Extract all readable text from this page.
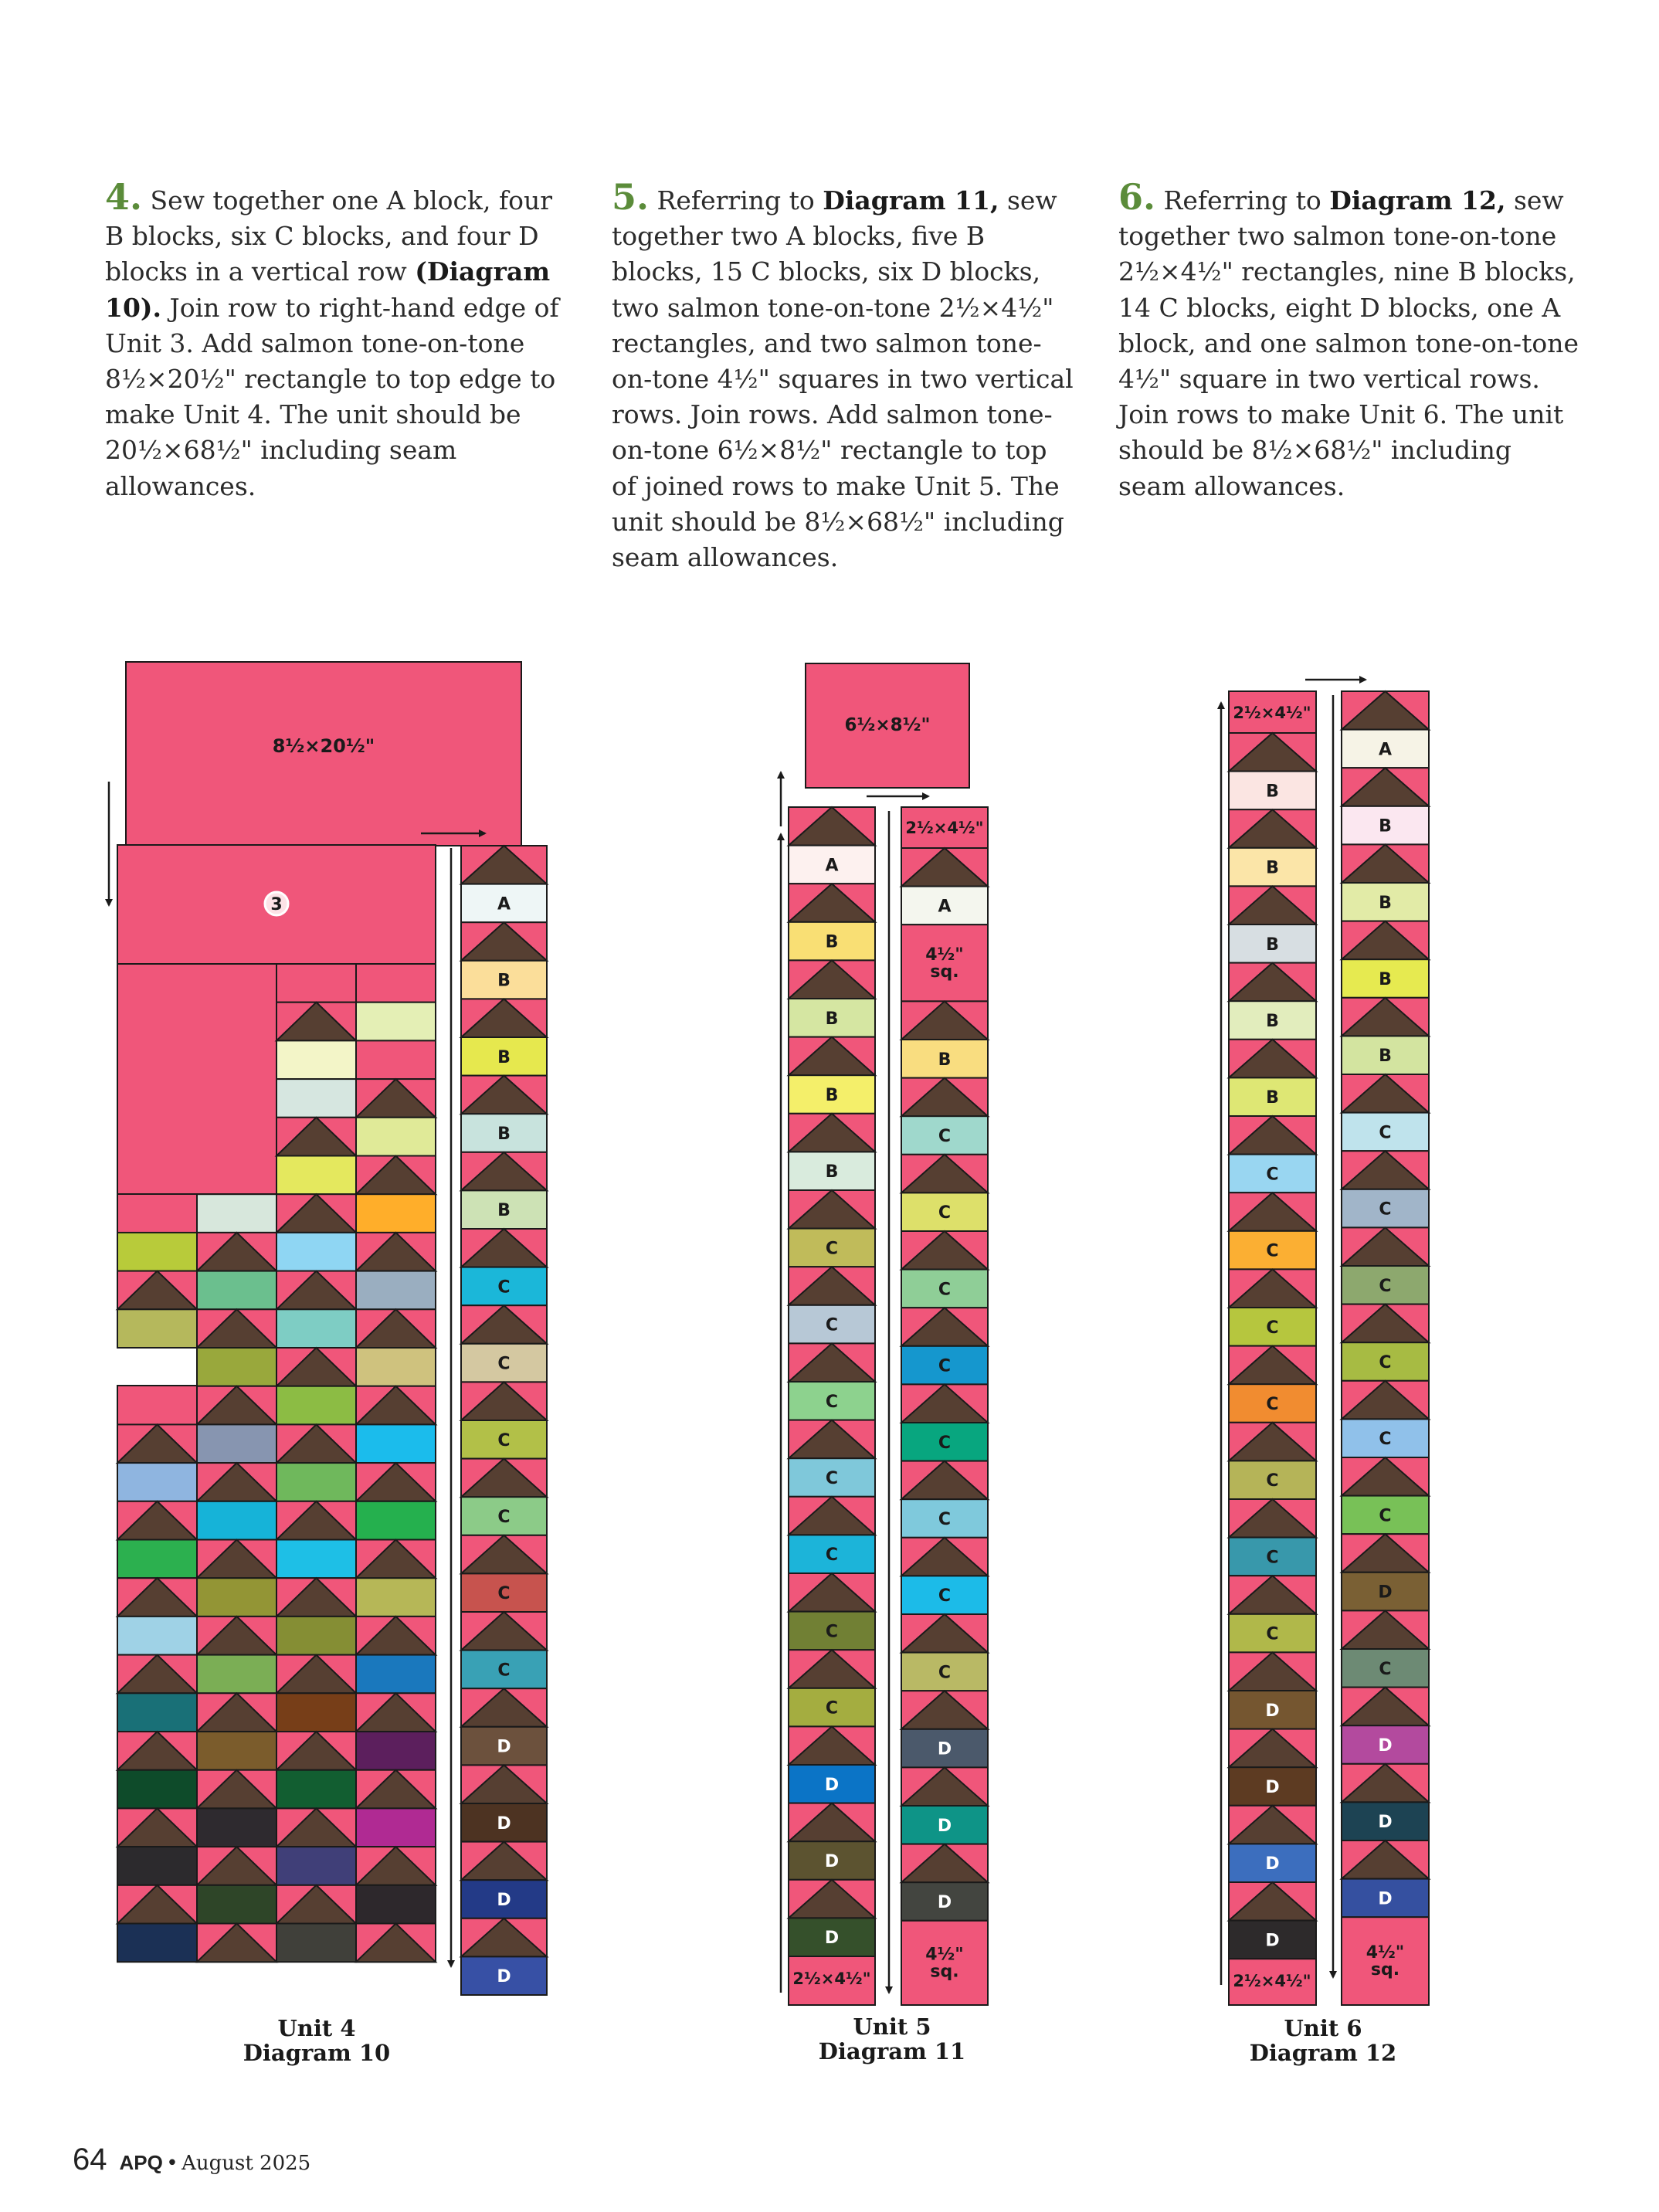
4. Sew together one A block, four B blocks, six C blocks, and four D blocks in a vertical row (Diagram 10). Join row to right-hand edge of Unit 3. Add salmon tone-on-tone 8½×20½" rectangle to top edge to make Unit 4. The unit should be 20½×68½" including seam allowances.
5. Referring to Diagram 11, sew together two A blocks, five B blocks, 15 C blocks, six D blocks, two salmon tone-on-tone 2½×4½" rectangles, and two salmon tone-on-tone 4½" squares in two vertical rows. Join rows. Add salmon tone-on-tone 6½×8½" rectangle to top of joined rows to make Unit 5. The unit should be 8½×68½" including seam allowances.
6. Referring to Diagram 12, sew together two salmon tone-on-tone 2½×4½" rectangles, nine B blocks, 14 C blocks, eight D blocks, one A block, and one salmon tone-on-tone 4½" square in two vertical rows. Join rows to make Unit 6. The unit should be 8½×68½" including seam allowances.
8½×20½"
3	A
B
B
B
B
C
C
C
C
C
C
D
D
D
D
6½×8½"
A
B
B
B
B
C
C
C
C
C
C
C
D
D
D
2½×4½"
2½×4½"
A
4½"
sq.
B
C
C
C
C
C
C
C
C
D
D
D
4½"
sq.
2½×4½"
B
B
B
B
B
C
C
C
C
C
C
C
D
D
D
D
2½×4½"
A
B
B
B
B
C
C
C
C
C
C
D
C
D
D
D
4½"
sq.
Unit 4
Diagram 10
Unit 5
Diagram 11
Unit 6
Diagram 12
64 APQ • August 2025
